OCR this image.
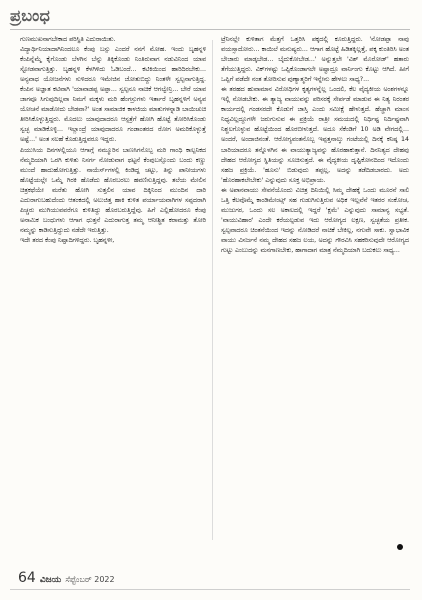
ಪ್ರಬಂಧ
ಗುಣಮುಖನಾಗಬೇಕಾದ ಪರಿಸ್ಥಿತಿ ಎದುರಾಯಿತು.
ವಿದ್ಯಾರ್ಥಿನಿಯಾದಾಗಿನಿಂದಲೂ ಕೆಂಪು ಬಸ್ಸು ಎಂದರೆ ನನಗೆ ಮೋಹ. ಇಂದು ಬೃಹನ್ನಳಿ ಕೆಂಪಿನ್ನೆಮ್ಮೆ ಕೈಗೊಂಡು ಬೆಳಗಿನ ಬೆನ್ನು ತಿಕ್ಕಿಕೊಂಡು ನಿಂತಿರುವಾಗ ನಡುವಿನಿಂದ ಯಾವ ಸ್ಟೋಡವಾಗುತ್ತಿತ್ತು. ಬೃಹನ್ನಳಿ ಕೆಳಗಿಳಿದು ಓಡಿಬಂದೆ... ಕಟಿಕಿಯಿಂದ ಹಾರಿದಿರಬೇಕು... ಅನ್ಯವಾಧ ಯೋಜನೆಗಳು ಸುಳಿದರೂ ಇಮೇಜಿನ ಜೋತುಬಿದ್ದು ನಿಂತಳೇ ಸ್ವಲ್ಪನಾಗುತ್ತಿದ್ದ. ಕೆಂಪಿನ ಅಜ್ಞಾತ ಕಟಿವಾಗಿ 'ಯಾವಾಡಪ್ಪ ಅಪ್ಪಾ... ಸ್ವಲ್ಪನೂ ನಾಚಿಕೆ ಆಗಲ್ವೇನ್ರಿ... ಬೇರೆ ಯಾವ ಜಾಗವೂ ಸಿಗುವುದಿಲ್ಲವಾ ನಿಮಗೆ ಮಕ್ಕಳು ಮರಿ ಹೆಂಗಸ್ರುಗಳು ಇರ್ತಾರೆ ಬೃಹನ್ನಳಿಗೆ ಅನ್ಯವ ಯೋಚನೆ ಮಾಡೋದು ಬೇಡವಾ?' ಅಂತ ಸಾಮಾಜಿಕ ಕಾಳಜಿಯ ಮಾತುಗಳನ್ನಾಡಿ ಬಾಯಿಚುಚಿ ತೀರಿಸಿಕೊಳ್ಳುತ್ತಿದ್ದರು. ಮೊದಲು ಯಾವುದಾದರೂ ಆಸ್ಪತ್ರೆಗೆ ಹೋಗಿ ಹೊಟ್ಟೆ ತೋರಿಸಿಕೊಂಡು ಸ್ವಚ್ಛ ಮಾಡಿಕೊಳ್ಳಿ... ಇಲ್ಲಾಂದ್ರೆ ಯಾವುದಾದರೂ ಗಂಡಾಂತರದ ರೋಗ ಅಮರಿಕೊಳ್ಳುತ್ತೆ ಅಷ್ಟೆ...' ಅಂತ ಸಲಹೆ ಕೊಡುತ್ತಿದ್ದವರೂ ಇದ್ದರು.
ಪಿಯುಸಿಯ ದಿನಗಳಲ್ಲಿಯೂ ಆಗಾಗ್ಗೆ ನಮ್ಮೂರಿನ ಬಾಣಸಿಗನೊಬ್ಬ ಮರಿ ಗಾಂಧಿ ಕಾಲ್ಪನಿಕದ ನೆಮ್ಮದಿಯಾಗಿ ಒರಗಿ ಕುಳಿತು ನಿಸರ್ಗ ನೋಡುವಾಗ ಥಟ್ಟನೆ ಕೆಂಪುಬಸ್ಸೊಂದು ಬಂದು ಕಣ್ಣು ಮುಂದೆ ಹಾದುಹೋಗುತ್ತಿತ್ತು. ನಾಯೆರ್ಸ್‌ಗಳಲ್ಲಿ ಕಿಂಡಿದ್ದ ಚಟ್ಟು, ತಿನ್ನು ಪಾನೀಯಗಳು ಹೊಟ್ಟೆಯಲ್ಲೇ ಒಮ್ಮೆ ಗಿರಕಿ ಹೊಡೆದು ಹೊರಬರಲು ಹವಣಿಸುತ್ತಿದ್ದವು. ತಲೆಯ ಮೇಲಿನ ಚಿತ್ರಕಥೆಯೇ ಮರೆತು ಹೋಗಿ ಸುತ್ತಲಿನ ಯಾವ ದಿಕ್ಕಿನಿಂದ ಮುಂದಿನ ದಾರಿ ಎದುರಾಗುಬಹುದೆಂದು ಆತಂಕದಲ್ಲಿ ಅಲುಜಿತ್ತ ಹಾಕಿ ಕುಳಿತ ಪರ್ಯಾಯವಾಗಿಗಳ ಸಪ್ಪದರಾಗಿ ಪಿಚ್ಚರು ಮುಗಿಯುವವರೆಗೂ ಕುಳಿತಿದ್ದು ಹೊರಬರುತ್ತಿದ್ದೆವು. ಹಿಗೆ ಎಲ್ಲಿಹೋದರೂ ಕೆಂಪು ಅನಾಮಿಕ ಬಂಧುಗಳು ಆಗಾಗ ಧುತ್ತನೆ ಎದುರಾಗುತ್ತ ತಮ್ಮ ಆನೀಶ್ಚಿತ ಕರಾಮತ್ತು ತೋರಿ ನಮ್ಮನ್ನು ಕಾಡಿಸುತ್ತಿದ್ದುದು ನಡೆದೇ ಇರುತ್ತಿತ್ತು.
ಇದೇ ತರದ ಕೆಂಪು ನಿಷ್ಪಾದಿಗಳಿದ್ದರು. ಬೃಹನ್ನಳೀ,
ಟ್ರೆನಿನಲ್ಲೇ ಕುಳಿತಾಗ ಮೆತ್ತಗೆ ಒತ್ತರಿಸಿ ಪಕ್ಕದಲ್ಲಿ ಕೂರುತ್ತಿದ್ದರು. 'ನೋಡಪ್ಪಾ ನಾವು ವಯಸ್ಸಾದೋರು... ಕಾಯಿಲೆ ಮನುಷ್ಯರು... ಆಗಾಗ ಹೊಟ್ಟೆ ಹಿಡಿತಕ್ಕಿಲ್ಲತ್ತೆ, ಪಕ್ಕ ಕುಂತಿರಿಸಿ ಅಂತ ಬೇಜಾರು ಮಾಡ್ಕಬೇಡ... ಬೈದುಕೋಬೇಡ...' ಅನ್ನುತ್ತಲೇ 'ವಿಶ್ ಮೊರೋಡ್' ಹತಾರು ತೆಗೆಯುತ್ತಿದ್ದರು. ವಿಕ್‌ಗಳಷ್ಟು ಒಪ್ಪಿಕೊಂಡಾಗಲೇ ಅಷ್ಟಾದ್ರೂ ವಾರ್ನಿಂಗು ಕೊಟ್ಟು ಆಗಿದೆ. ಹೀಗೆ ಒಪ್ಪಿಗೆ ಪಡೆದೇ ನಂತ ತೋರಿಸುವ ಪುಣ್ಯಾತ್ಮರಿಗೆ ಇನ್ನೇನು ಹೇಳಲು ಸಾಧ್ಯ?...
ಈ ತರಹದ ಹುವಾಮಾನ ವಿರೋಧಿಗಳ ಕೃತ್ಯಗಳನ್ನೆಲ್ಲ ಒಂದಲಿ, ಕೆಲ ವೈದ್ಯಕೀಯ ಅಂಶಗಳನ್ನೂ ಇಲ್ಲಿ ನೋಡಬೇಕು. ಈ ತ್ಯಾಜ್ಯ ವಾಯುವನ್ನು ಪರಿಸರಕ್ಕೆ ಸೇರ್ಪಡೆ ಮಾಡುವ ಈ ನಿತ್ಯ ನಿರಂತರ ಕಾರ್ಯದಲ್ಲಿ ಗಂಡಸರದೇ ಕೊಡುಗೆ ಜಾಸ್ತಿ ಎಂದು ಸಮೀಕ್ಷೆ ಹೇಳುತ್ತದೆ. ಹೆಚ್ಚಾಗಿ ಮಾಂಸ ನಿಧ್ಯವಿಲ್ಲದ್ದೂಗಳೇ ಜರುಗುಸುವ ಈ ಪ್ರಕ್ರಿಯೆ ರಾತ್ರೀ ಸಮಯದಲ್ಲಿ ನಿರ್ಧಿಷ್ಟ ನಿರ್ದಿಷ್ಟವಾಗಿ ನಿಶ್ಚಲಗೊಳ್ಳುವ ಹೊಟ್ಟೆಯಿಂದ ಹೊರಬೀಳುತ್ತದೆ. ಅದೂ ಸೆಕೆಂಡಿಗೆ 10 ಅಡಿ ವೇಗದಲ್ಲಿ... ಅಂದರೆ, ಅಂದಾಜಿನಂತೆ. ಆರೋಗ್ಯವಂತನೊಬ್ಬ ಇಪ್ಪತ್ತನಾಲ್ಕು ಗಂಟೆಯಲ್ಲಿ ದಿನಕ್ಕೆ ಕನಿಷ್ಠ 14 ಬಾರಿಯಾದರೂ ತನ್ನೊಳಗಿನ ಈ ವಾಯುತ್ಯಾಜ್ಯವನ್ನು ಹೊರಹಾಕುತ್ತಾನೆ. ದಿನನಿತ್ಯದ ದೇಹವು ದೇಹದ ಆರೋಗ್ಯದ ಸ್ಥಿತಿಯನ್ನು ಸೂಚಿಸುತ್ತದೆ. ಈ ವೈದ್ಯಕೀಯ ದೃಷ್ಟಿಕೋನದಿಂದ ಇದೊಂದು ಸಹಜ ಪ್ರಕ್ರಿಯೆ. 'ಹೂಸು' ಬಿಡುವುದು ತಪ್ಪಲ್ಲ, ಅದನ್ನು ತಡೆದಿಡಬಾರದು. ಅದು 'ಹೊರಹಾಕಲೇಬೇಕು' ಎನ್ನುವುದು ಸೂಕ್ತ ಅಭಿಪ್ರಾಯ.
ಈ ಅಪಾನವಾಯು ಸೇವನೆಯೊಂದು ವಿಚಿತ್ರ ದಿನಿಯಿಲ್ಲಿ ಸಿಮ್ಮ ದೇಹಕ್ಕೆ ಒಂದು ಮೂರನೆ ಸಾಲಿ ಒತ್ತಿ ಕೆಲವೊಮ್ಮೆ ಕಾಂಡಿಮೇಂಟ್ಸ್ ಸಹ ಗುಡುಗಿಸುತ್ತಿರುವ ಅಧಿಕ ಇಲ್ಲವೆನೆ ಇತರರ ಸಂಕೋಚ, ಮುಜುಗರ, ಒಂದು ಸಲ ಅಕಾಲದಲ್ಲಿ ಇದ್ದರೆ 'ಕ್ಷಮೆ' ಎನ್ನುವುದು ಸಾಮಾನ್ಯ ಸಭ್ಯತೆ. 'ವಾಯುವಿಹಾರ' ಎಂದೇ ಕರೆಯಲ್ಪಡುವ ಇದು ಆರೋಗ್ಯದ ಲಕ್ಷಣ, ಸ್ವಚ್ಛತೆಯ ಪ್ರತೀಕ. ಸ್ವಲ್ಪವಾದರೂ ಚಿಂತನೆಯಿಂದ ಇದನ್ನು ನೋಡಿದರೆ ನಾಚಿಕೆ ಬೇಕಿಲ್ಲ, ನಗುವೇ ಸಾಕು. ಸ್ವಾಭಾವಿಕ ವಾಯು ವಿಸರ್ಜನೆ ನಮ್ಮ ದೇಹದ ಸಹಜ ಲಯ, ಅದನ್ನು ಗೌರವಿಸಿ ಸಹಕರಿಸುವುದೇ ಆರೋಗ್ಯದ ಗುಟ್ಟು ಎಂಬುದನ್ನು ಮನಗಾಣಬೇಕು, ಹಾಗಾದಾಗ ಮಾತ್ರ ನೆಮ್ಮದಿಯಾಗಿ ಬದುಕಲು ಸಾಧ್ಯ...
64 ವಿಜಯ ಸೆಪ್ಟೆಂಬರ್ 2022
